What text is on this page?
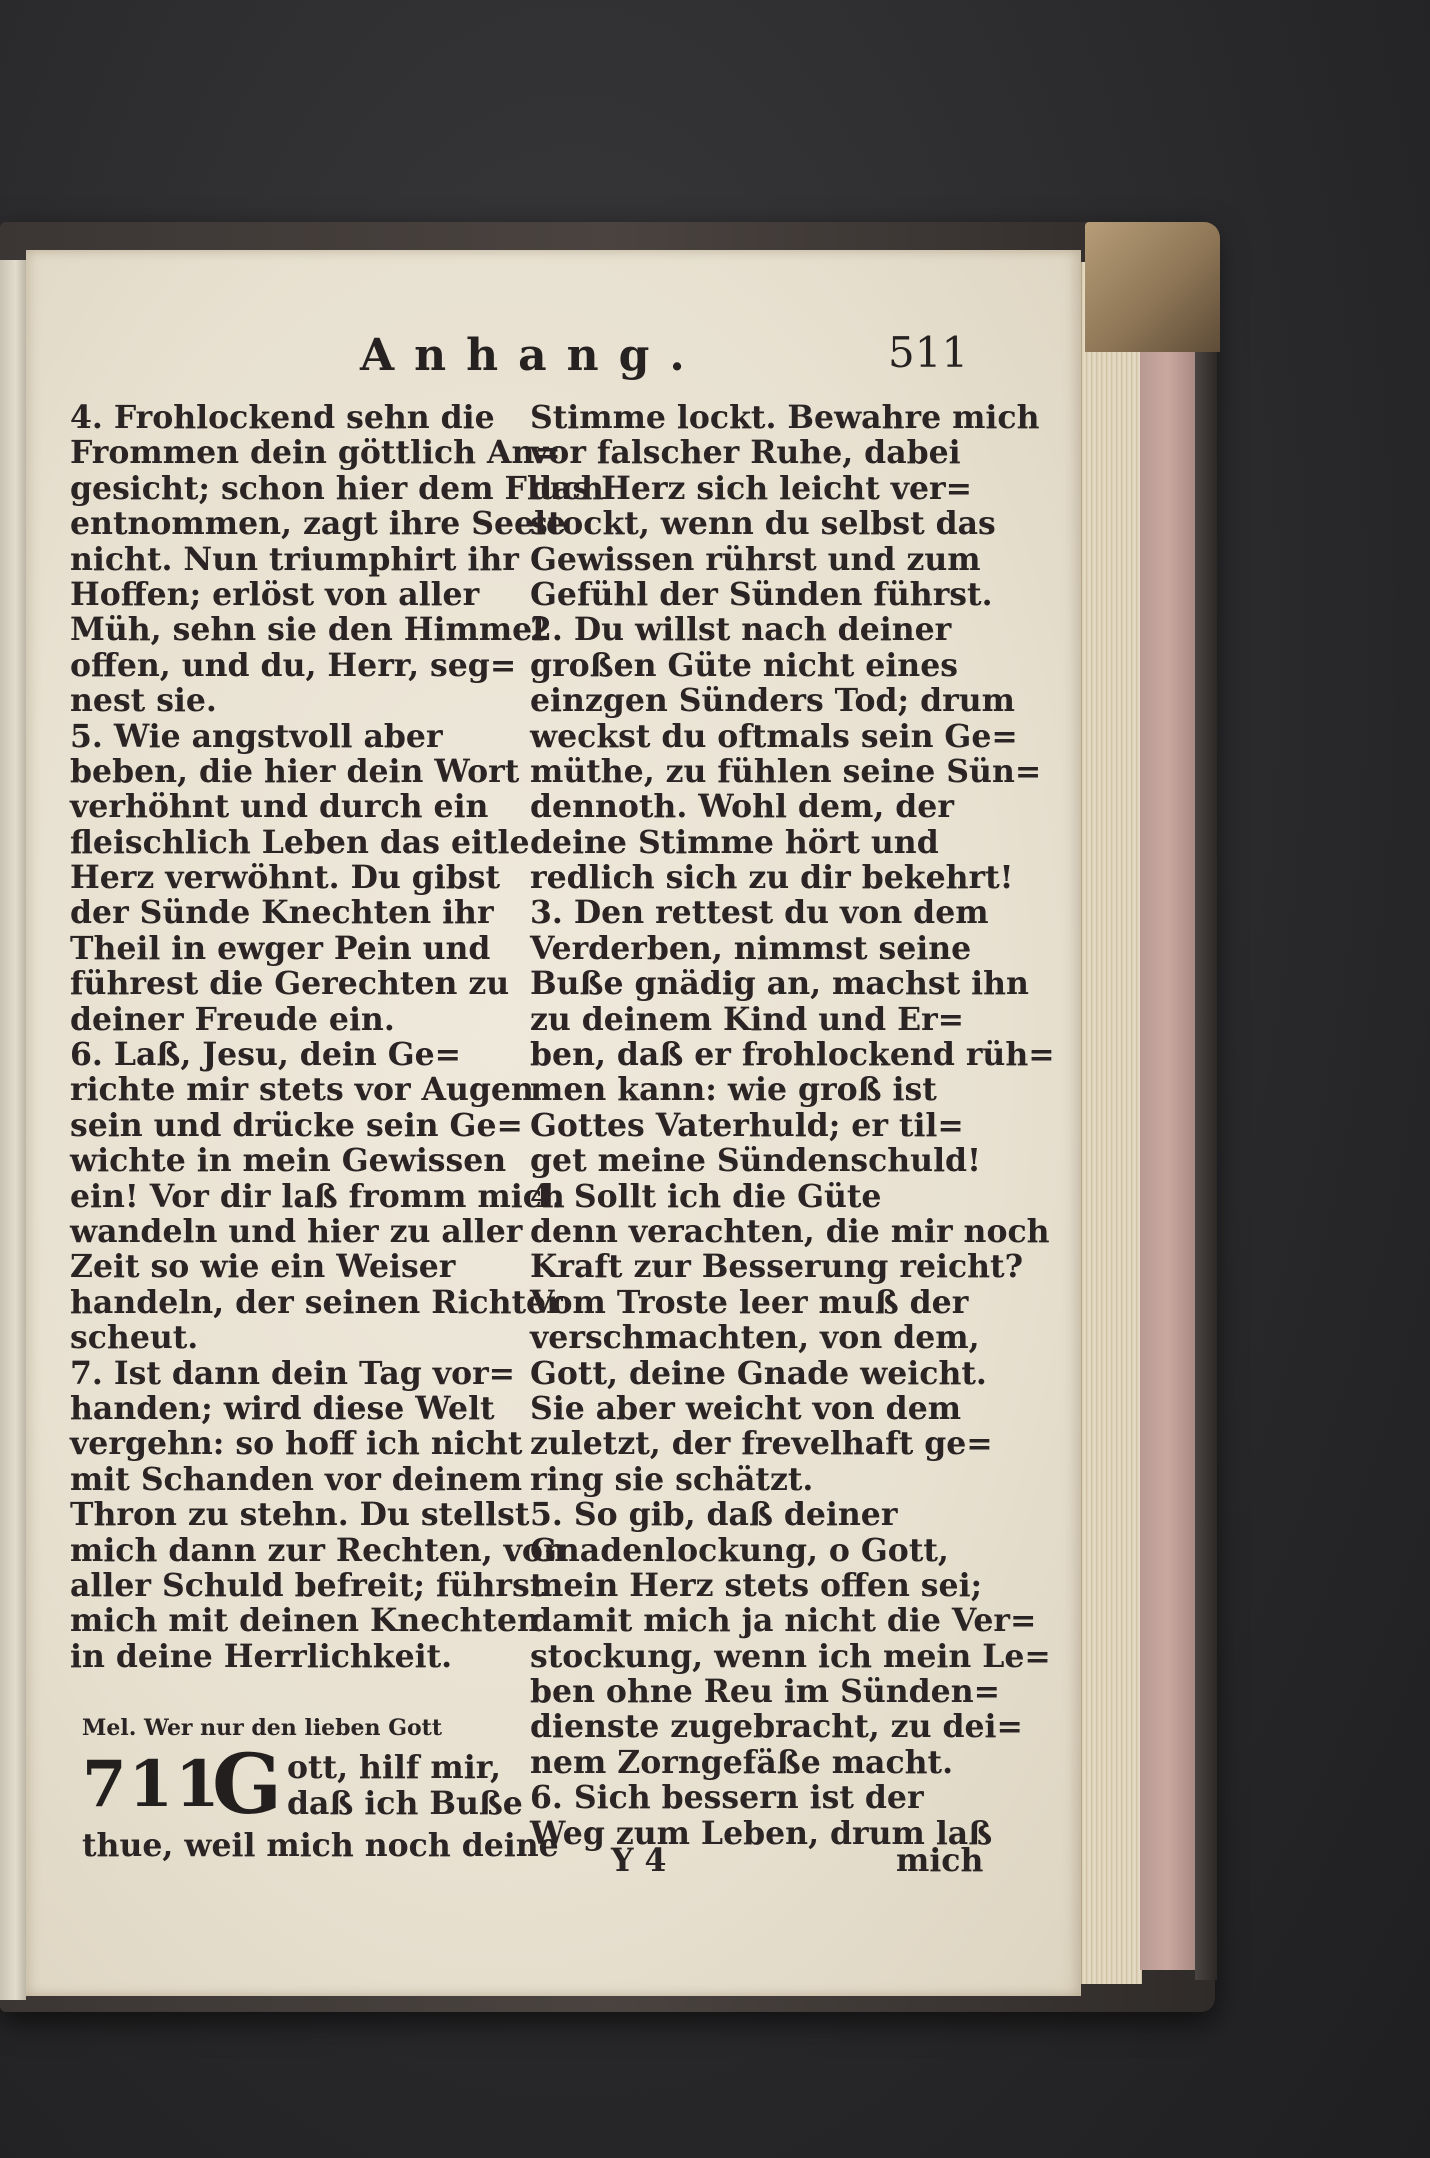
Anhang.	511
4. Frohlockend sehn die
Frommen dein göttlich An=
gesicht; schon hier dem Fluch
entnommen, zagt ihre Seele
nicht. Nun triumphirt ihr
Hoffen; erlöst von aller
Müh, sehn sie den Himmel
offen, und du, Herr, seg=
nest sie.
5. Wie angstvoll aber
beben, die hier dein Wort
verhöhnt und durch ein
fleischlich Leben das eitle
Herz verwöhnt. Du gibst
der Sünde Knechten ihr
Theil in ewger Pein und
führest die Gerechten zu
deiner Freude ein.
6. Laß, Jesu, dein Ge=
richte mir stets vor Augen
sein und drücke sein Ge=
wichte in mein Gewissen
ein! Vor dir laß fromm mich
wandeln und hier zu aller
Zeit so wie ein Weiser
handeln, der seinen Richter
scheut.
7. Ist dann dein Tag vor=
handen; wird diese Welt
vergehn: so hoff ich nicht
mit Schanden vor deinem
Thron zu stehn. Du stellst
mich dann zur Rechten, von
aller Schuld befreit; führst
mich mit deinen Knechten
in deine Herrlichkeit.
Mel. Wer nur den lieben Gott
711
G ott, hilf mir,
daß ich Buße
thue, weil mich noch deine
Stimme lockt. Bewahre mich
vor falscher Ruhe, dabei
das Herz sich leicht ver=
stockt, wenn du selbst das
Gewissen rührst und zum
Gefühl der Sünden führst.
2. Du willst nach deiner
großen Güte nicht eines
einzgen Sünders Tod; drum
weckst du oftmals sein Ge=
müthe, zu fühlen seine Sün=
dennoth. Wohl dem, der
deine Stimme hört und
redlich sich zu dir bekehrt!
3. Den rettest du von dem
Verderben, nimmst seine
Buße gnädig an, machst ihn
zu deinem Kind und Er=
ben, daß er frohlockend rüh=
men kann: wie groß ist
Gottes Vaterhuld; er til=
get meine Sündenschuld!
4. Sollt ich die Güte
denn verachten, die mir noch
Kraft zur Besserung reicht?
Vom Troste leer muß der
verschmachten, von dem,
Gott, deine Gnade weicht.
Sie aber weicht von dem
zuletzt, der frevelhaft ge=
ring sie schätzt.
5. So gib, daß deiner
Gnadenlockung, o Gott,
mein Herz stets offen sei;
damit mich ja nicht die Ver=
stockung, wenn ich mein Le=
ben ohne Reu im Sünden=
dienste zugebracht, zu dei=
nem Zorngefäße macht.
6. Sich bessern ist der
Weg zum Leben, drum laß
Y 4	mich
